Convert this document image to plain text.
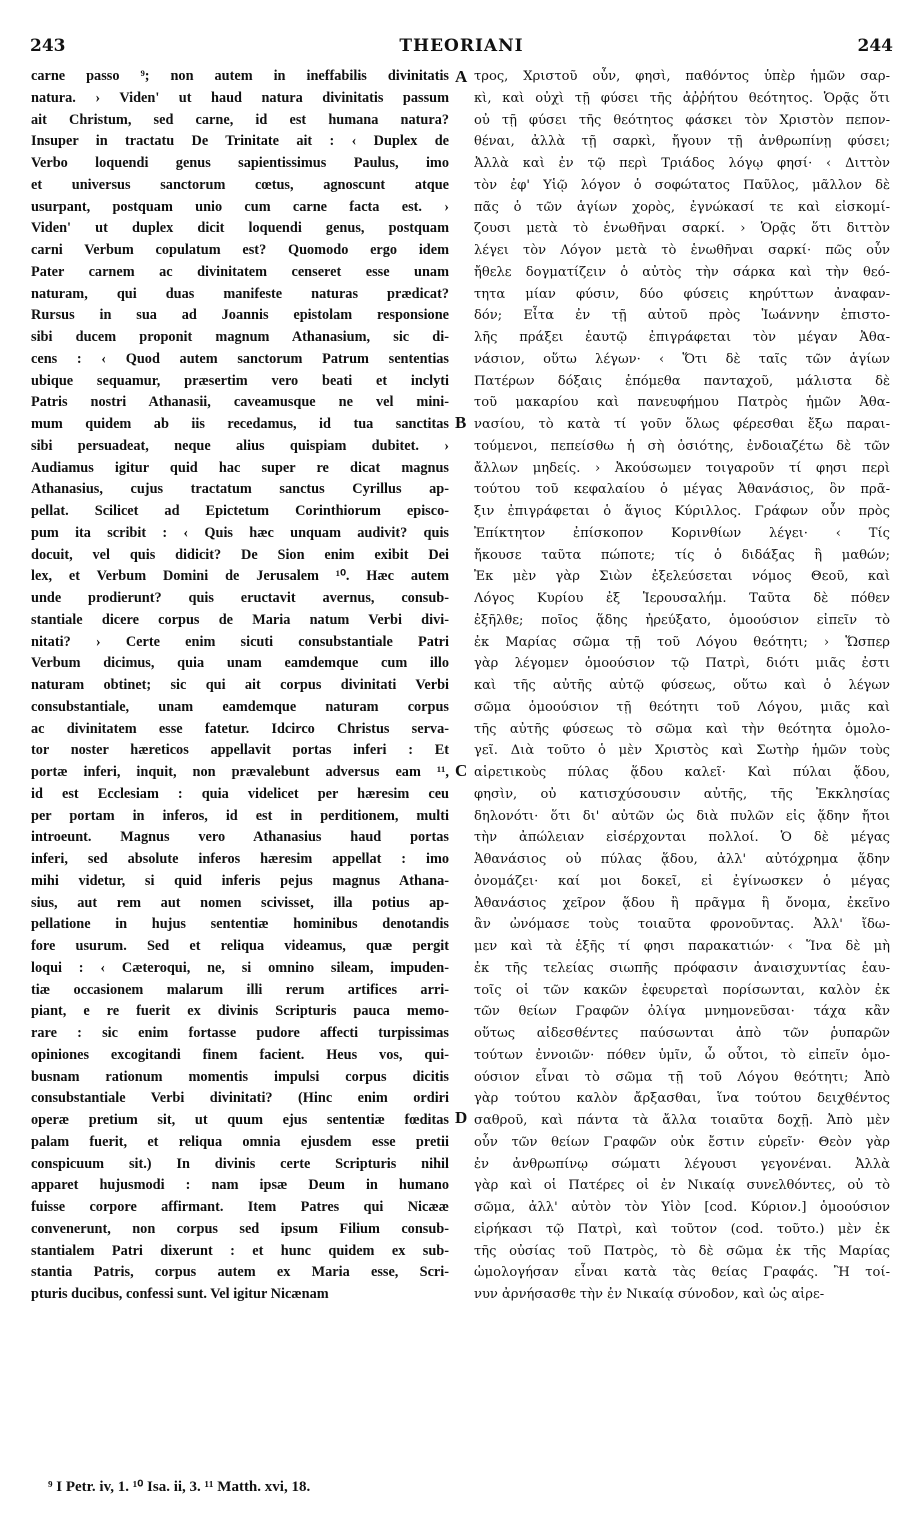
243	THEORIANI	244
carne passo ⁹; non autem in ineffabilis divinitatis
natura. › Viden' ut haud natura divinitatis passum
ait Christum, sed carne, id est humana natura?
Insuper in tractatu De Trinitate ait : ‹ Duplex de
Verbo loquendi genus sapientissimus Paulus, imo
et universus sanctorum cœtus, agnoscunt atque
usurpant, postquam unio cum carne facta est. ›
Viden' ut duplex dicit loquendi genus, postquam
carni Verbum copulatum est? Quomodo ergo idem
Pater carnem ac divinitatem censeret esse unam
naturam, qui duas manifeste naturas prædicat?
Rursus in sua ad Joannis epistolam responsione
sibi ducem proponit magnum Athanasium, sic di-
cens : ‹ Quod autem sanctorum Patrum sententias
ubique sequamur, præsertim vero beati et inclyti
Patris nostri Athanasii, caveamusque ne vel mini-
mum quidem ab iis recedamus, id tua sanctitas
sibi persuadeat, neque alius quispiam dubitet. ›
Audiamus igitur quid hac super re dicat magnus
Athanasius, cujus tractatum sanctus Cyrillus ap-
pellat. Scilicet ad Epictetum Corinthiorum episco-
pum ita scribit : ‹ Quis hæc unquam audivit? quis
docuit, vel quis didicit? De Sion enim exibit Dei
lex, et Verbum Domini de Jerusalem ¹⁰. Hæc autem
unde prodierunt? quis eructavit avernus, consub-
stantiale dicere corpus de Maria natum Verbi divi-
nitati? › Certe enim sicuti consubstantiale Patri
Verbum dicimus, quia unam eamdemque cum illo
naturam obtinet; sic qui ait corpus divinitati Verbi
consubstantiale, unam eamdemque naturam corpus
ac divinitatem esse fatetur. Idcirco Christus serva-
tor noster hæreticos appellavit portas inferi : Et
portæ inferi, inquit, non prævalebunt adversus eam ¹¹,
id est Ecclesiam : quia videlicet per hæresim ceu
per portam in inferos, id est in perditionem, multi
introeunt. Magnus vero Athanasius haud portas
inferi, sed absolute inferos hæresim appellat : imo
mihi videtur, si quid inferis pejus magnus Athana-
sius, aut rem aut nomen scivisset, illa potius ap-
pellatione in hujus sententiæ hominibus denotandis
fore usurum. Sed et reliqua videamus, quæ pergit
loqui : ‹ Cæteroqui, ne, si omnino sileam, impuden-
tiæ occasionem malarum illi rerum artifices arri-
piant, e re fuerit ex divinis Scripturis pauca memo-
rare : sic enim fortasse pudore affecti turpissimas
opiniones excogitandi finem facient. Heus vos, qui-
busnam rationum momentis impulsi corpus dicitis
consubstantiale Verbi divinitati? (Hinc enim ordiri
operæ pretium sit, ut quum ejus sententiæ fœditas
palam fuerit, et reliqua omnia ejusdem esse pretii
conspicuum sit.) In divinis certe Scripturis nihil
apparet hujusmodi : nam ipsæ Deum in humano
fuisse corpore affirmant. Item Patres qui Nicææ
convenerunt, non corpus sed ipsum Filium consub-
stantialem Patri dixerunt : et hunc quidem ex sub-
stantia Patris, corpus autem ex Maria esse, Scri-
pturis ducibus, confessi sunt. Vel igitur Nicænam
τρος, Χριστοῦ οὖν, φησὶ, παθόντος ὑπὲρ ἡμῶν σαρ-
κὶ, καὶ οὐχὶ τῇ φύσει τῆς ἀῤῥήτου θεότητος. Ὁρᾷς ὅτι
οὐ τῇ φύσει τῆς θεότητος φάσκει τὸν Χριστὸν πεπον-
θέναι, ἀλλὰ τῇ σαρκὶ, ἤγουν τῇ ἀνθρωπίνῃ φύσει;
Ἀλλὰ καὶ ἐν τῷ περὶ Τριάδος λόγῳ φησί· ‹ Διττὸν
τὸν ἐφ' Υἱῷ λόγον ὁ σοφώτατος Παῦλος, μᾶλλον δὲ
πᾶς ὁ τῶν ἁγίων χορὸς, ἐγνώκασί τε καὶ εἰσκομί-
ζουσι μετὰ τὸ ἑνωθῆναι σαρκί. › Ὁρᾷς ὅτι διττὸν
λέγει τὸν Λόγον μετὰ τὸ ἑνωθῆναι σαρκί· πῶς οὖν
ἤθελε δογματίζειν ὁ αὐτὸς τὴν σάρκα καὶ τὴν θεό-
τητα μίαν φύσιν, δύο φύσεις κηρύττων ἀναφαν-
δόν; Εἶτα ἐν τῇ αὐτοῦ πρὸς Ἰωάννην ἐπιστο-
λῆς πράξει ἑαυτῷ ἐπιγράφεται τὸν μέγαν Ἀθα-
νάσιον, οὕτω λέγων· ‹ Ὅτι δὲ ταῖς τῶν ἁγίων
Πατέρων δόξαις ἑπόμεθα πανταχοῦ, μάλιστα δὲ
τοῦ μακαρίου καὶ πανευφήμου Πατρὸς ἡμῶν Ἀθα-
νασίου, τὸ κατὰ τί γοῦν ὅλως φέρεσθαι ἔξω παραι-
τούμενοι, πεπείσθω ἡ σὴ ὁσιότης, ἐνδοιαζέτω δὲ τῶν
ἄλλων μηδείς. › Ἀκούσωμεν τοιγαροῦν τί φησι περὶ
τούτου τοῦ κεφαλαίου ὁ μέγας Ἀθανάσιος, ὃν πρᾶ-
ξιν ἐπιγράφεται ὁ ἅγιος Κύριλλος. Γράφων οὖν πρὸς
Ἐπίκτητον ἐπίσκοπον Κορινθίων λέγει· ‹ Τίς
ἤκουσε ταῦτα πώποτε; τίς ὁ διδάξας ἢ μαθών;
Ἐκ μὲν γὰρ Σιὼν ἐξελεύσεται νόμος Θεοῦ, καὶ
Λόγος Κυρίου ἐξ Ἱερουσαλήμ. Ταῦτα δὲ πόθεν
ἐξῆλθε; ποῖος ᾅδης ἠρεύξατο, ὁμοούσιον εἰπεῖν τὸ
ἐκ Μαρίας σῶμα τῇ τοῦ Λόγου θεότητι; › Ὥσπερ
γὰρ λέγομεν ὁμοούσιον τῷ Πατρὶ, διότι μιᾶς ἐστι
καὶ τῆς αὐτῆς αὐτῷ φύσεως, οὕτω καὶ ὁ λέγων
σῶμα ὁμοούσιον τῇ θεότητι τοῦ Λόγου, μιᾶς καὶ
τῆς αὐτῆς φύσεως τὸ σῶμα καὶ τὴν θεότητα ὁμολο-
γεῖ. Διὰ τοῦτο ὁ μὲν Χριστὸς καὶ Σωτὴρ ἡμῶν τοὺς
αἱρετικοὺς πύλας ᾅδου καλεῖ· Καὶ πύλαι ᾅδου,
φησὶν, οὐ κατισχύσουσιν αὐτῆς, τῆς Ἐκκλησίας
δηλονότι· ὅτι δι' αὐτῶν ὡς διὰ πυλῶν εἰς ᾅδην ἤτοι
τὴν ἀπώλειαν εἰσέρχονται πολλοί. Ὁ δὲ μέγας
Ἀθανάσιος οὐ πύλας ᾅδου, ἀλλ' αὐτόχρημα ᾅδην
ὀνομάζει· καί μοι δοκεῖ, εἰ ἐγίνωσκεν ὁ μέγας
Ἀθανάσιος χεῖρον ᾅδου ἢ πρᾶγμα ἢ ὄνομα, ἐκεῖνο
ἂν ὠνόμασε τοὺς τοιαῦτα φρονοῦντας. Ἀλλ' ἴδω-
μεν καὶ τὰ ἑξῆς τί φησι παρακατιών· ‹ Ἵνα δὲ μὴ
ἐκ τῆς τελείας σιωπῆς πρόφασιν ἀναισχυντίας ἑαυ-
τοῖς οἱ τῶν κακῶν ἐφευρεταὶ πορίσωνται, καλὸν ἐκ
τῶν θείων Γραφῶν ὀλίγα μνημονεῦσαι· τάχα κἂν
οὕτως αἰδεσθέντες παύσωνται ἀπὸ τῶν ῥυπαρῶν
τούτων ἐννοιῶν· πόθεν ὑμῖν, ὦ οὗτοι, τὸ εἰπεῖν ὁμο-
ούσιον εἶναι τὸ σῶμα τῇ τοῦ Λόγου θεότητι; Ἀπὸ
γὰρ τούτου καλὸν ἄρξασθαι, ἵνα τούτου δειχθέντος
σαθροῦ, καὶ πάντα τὰ ἄλλα τοιαῦτα δοχῇ. Ἀπὸ μὲν
οὖν τῶν θείων Γραφῶν οὐκ ἔστιν εὑρεῖν· Θεὸν γὰρ
ἐν ἀνθρωπίνῳ σώματι λέγουσι γεγονέναι. Ἀλλὰ
γὰρ καὶ οἱ Πατέρες οἱ ἐν Νικαίᾳ συνελθόντες, οὐ τὸ
σῶμα, ἀλλ' αὐτὸν τὸν Υἱὸν [cod. Κύριον.] ὁμοούσιον
εἰρήκασι τῷ Πατρὶ, καὶ τοῦτον (cod. τοῦτο.) μὲν ἐκ
τῆς οὐσίας τοῦ Πατρὸς, τὸ δὲ σῶμα ἐκ τῆς Μαρίας
ὡμολογήσαν εἶναι κατὰ τὰς θείας Γραφάς. Ἢ τοί-
νυν ἀρνήσασθε τὴν ἐν Νικαίᾳ σύνοδον, καὶ ὡς αἱρε-
A
B
C
D
⁹ I Petr. iv, 1. ¹⁰ Isa. ii, 3. ¹¹ Matth. xvi, 18.
